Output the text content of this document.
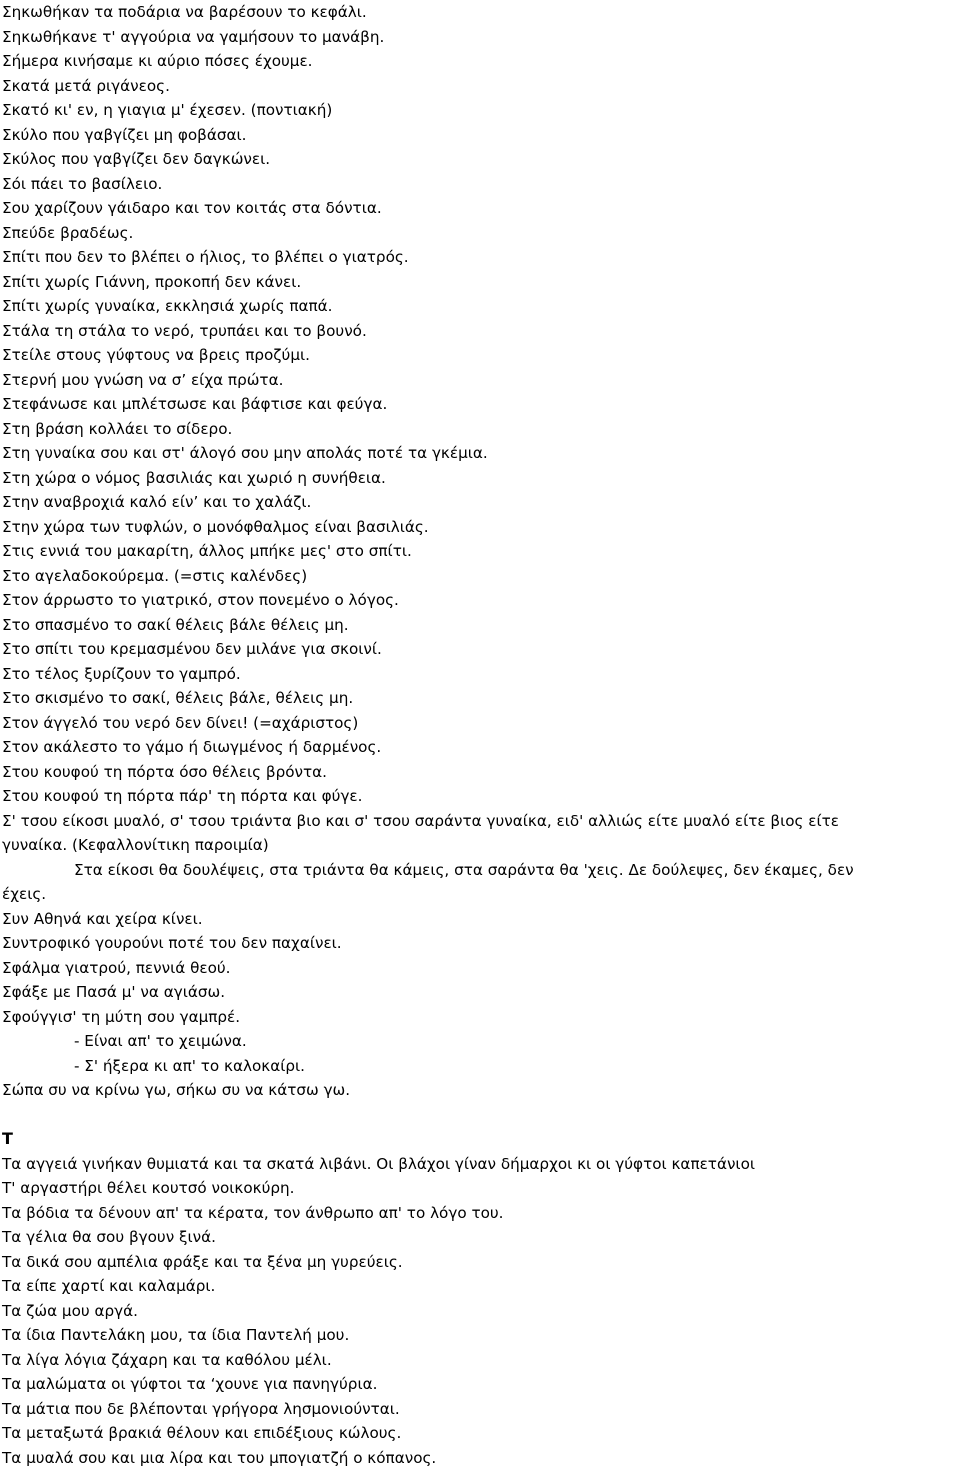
Σηκωθήκαν τα ποδάρια να βαρέσουν το κεφάλι.

Σηκωθήκανε τ' αγγούρια να γαμήσουν το μανάβη.

Σήμερα κινήσαμε κι αύριο πόσες έχουμε.

Σκατά μετά ριγάνεος.

Σκατό κι' εν, η γιαγια μ' έχεσεν. (ποντιακή)

Σκύλο που γαβγίζει μη φοβάσαι.

Σκύλος που γαβγίζει δεν δαγκώνει.

Σόι πάει το βασίλειο.

Σου χαρίζουν γάιδαρο και τον κοιτάς στα δόντια.

Σπεύδε βραδέως.

Σπίτι που δεν το βλέπει ο ήλιος, το βλέπει ο γιατρός.

Σπίτι χωρίς Γιάννη, προκοπή δεν κάνει.

Σπίτι χωρίς γυναίκα, εκκλησιά χωρίς παπά.

Στάλα τη στάλα το νερό, τρυπάει και το βουνό.

Στείλε στους γύφτους να βρεις προζύμι.

Στερνή μου γνώση να σ’ είχα πρώτα.

Στεφάνωσε και μπλέτσωσε και βάφτισε και φεύγα.

Στη βράση κολλάει το σίδερο.

Στη γυναίκα σου και στ' άλογό σου μην απολάς ποτέ τα γκέμια.

Στη χώρα ο νόμος βασιλιάς και χωριό η συνήθεια.

Στην αναβροχιά καλό είν’ και το χαλάζι.

Στην χώρα των τυφλών, ο μονόφθαλμος είναι βασιλιάς.

Στις εννιά του μακαρίτη, άλλος μπήκε μες' στο σπίτι.

Στο αγελαδοκούρεμα. (=στις καλένδες)

Στον άρρωστο το γιατρικό, στον πονεμένο ο λόγος.

Στο σπασμένο το σακί θέλεις βάλε θέλεις μη.

Στο σπίτι του κρεμασμένου δεν μιλάνε για σκοινί.

Στο τέλος ξυρίζουν το γαμπρό.

Στο σκισμένο το σακί, θέλεις βάλε, θέλεις μη.

Στον άγγελό του νερό δεν δίνει! (=αχάριστος)

Στον ακάλεστο το γάμο ή διωγμένος ή δαρμένος.

Στου κουφού τη πόρτα όσο θέλεις βρόντα.

Στου κουφού τη πόρτα πάρ' τη πόρτα και φύγε.

Σ' τσου είκοσι μυαλό, σ' τσου τριάντα βιο και σ' τσου σαράντα γυναίκα, ειδ' αλλιώς είτε μυαλό είτε βιος είτε

γυναίκα. (Κεφαλλονίτικη παροιμία)

Στα είκοσι θα δουλέψεις, στα τριάντα θα κάμεις, στα σαράντα θα 'χεις. Δε δούλεψες, δεν έκαμες, δεν

έχεις.

Συν Αθηνά και χείρα κίνει.

Συντροφικό γουρούνι ποτέ του δεν παχαίνει.

Σφάλμα γιατρού, πεννιά θεού.

Σφάξε με Πασά μ' να αγιάσω.

Σφούγγισ' τη μύτη σου γαμπρέ.

- Είναι απ' το χειμώνα.

- Σ' ήξερα κι απ' το καλοκαίρι.

Σώπα συ να κρίνω γω, σήκω συ να κάτσω γω.

Τ

Τα αγγειά γινήκαν θυμιατά και τα σκατά λιβάνι. Οι βλάχοι γίναν δήμαρχοι κι οι γύφτοι καπετάνιοι

Τ' αργαστήρι θέλει κουτσό νοικοκύρη.

Τα βόδια τα δένουν απ' τα κέρατα, τον άνθρωπο απ' το λόγο του.

Τα γέλια θα σου βγουν ξινά.

Τα δικά σου αμπέλια φράξε και τα ξένα μη γυρεύεις.

Τα είπε χαρτί και καλαμάρι.

Τα ζώα μου αργά.

Τα ίδια Παντελάκη μου, τα ίδια Παντελή μου.

Τα λίγα λόγια ζάχαρη και τα καθόλου μέλι.

Τα μαλώματα οι γύφτοι τα ‘χουνε για πανηγύρια.

Τα μάτια που δε βλέπονται γρήγορα λησμονιούνται.

Τα μεταξωτά βρακιά θέλουν και επιδέξιους κώλους.

Τα μυαλά σου και μια λίρα και του μπογιατζή ο κόπανος.
